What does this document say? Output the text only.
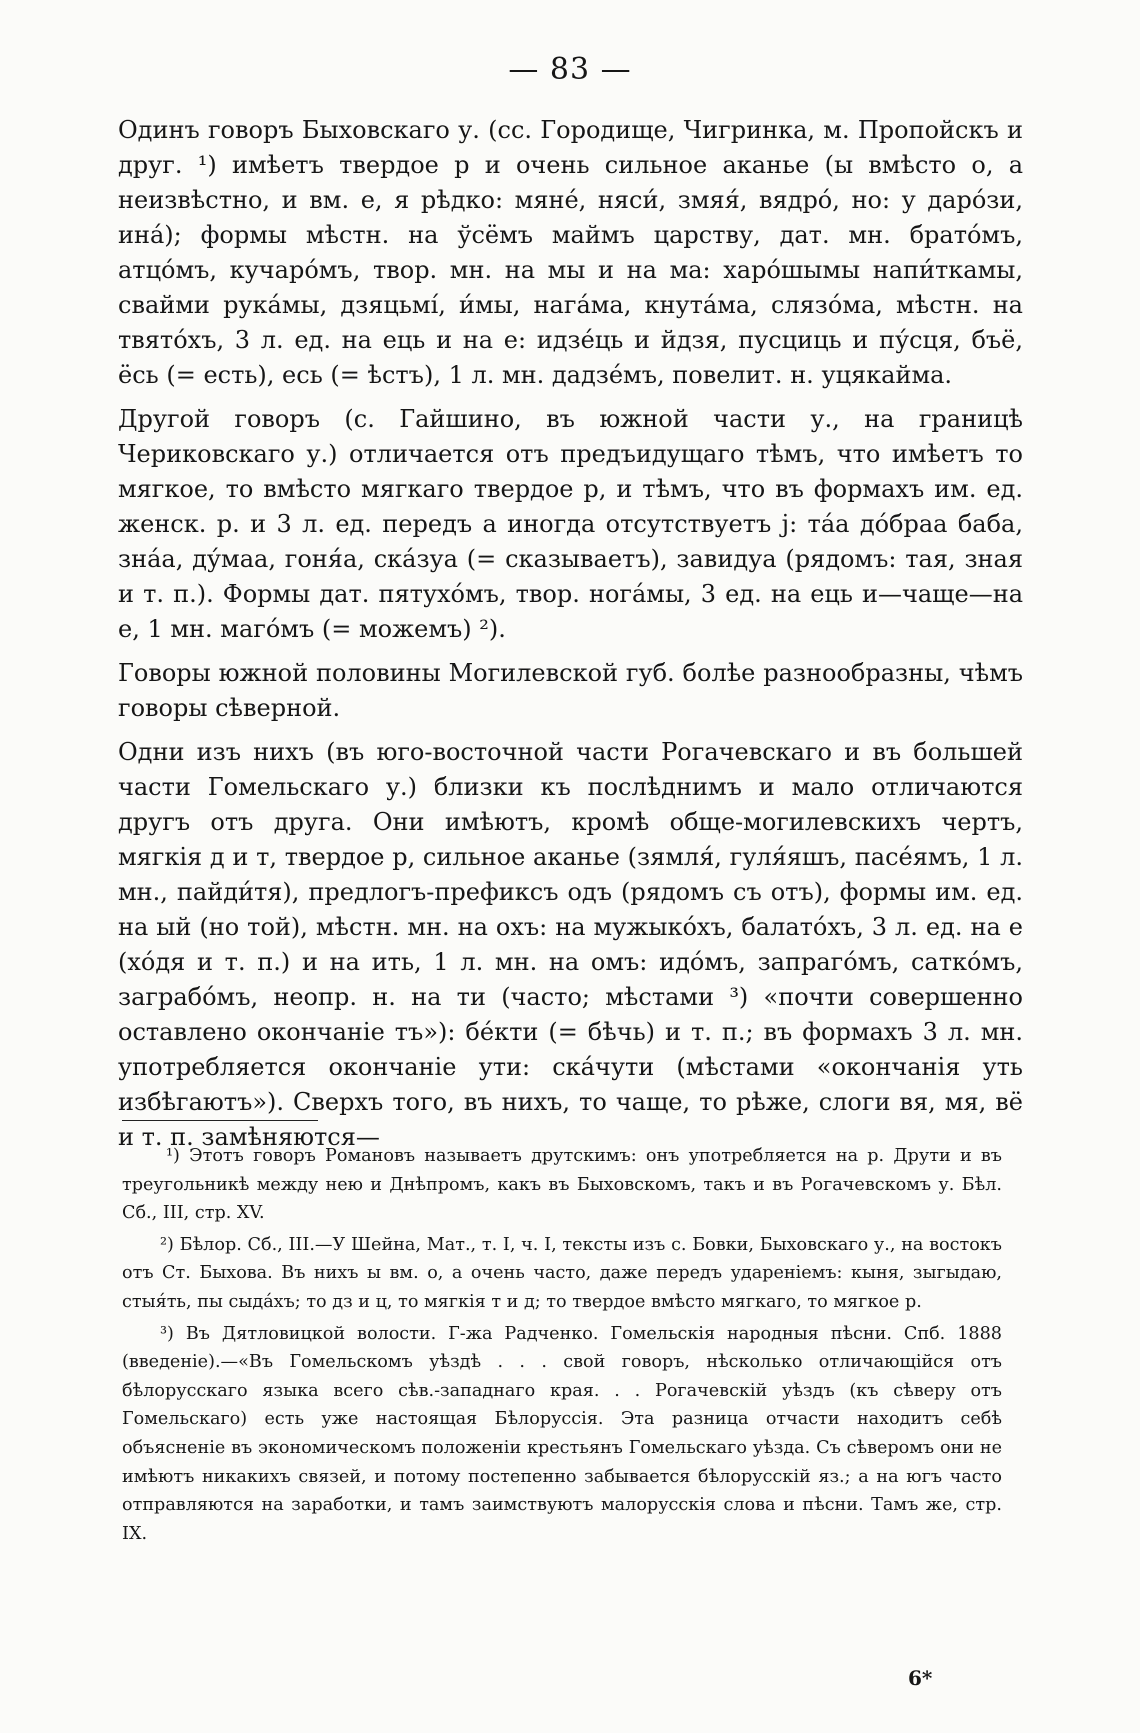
— 83 —

Одинъ говоръ Быховскаго у. (сс. Городище, Чигринка, м. Пропойскъ и друг. ¹) имѣетъ твердое р и очень сильное аканье (ы вмѣсто о, а неизвѣстно, и вм. е, я рѣдко: мяне́, няси́, змяя́, вядро́, но: у даро́зи, ина́); формы мѣстн. на ўсёмъ маймъ царству, дат. мн. брато́мъ, атцо́мъ, кучаро́мъ, твор. мн. на мы и на ма: харо́шымы напи́ткамы, свайми рука́мы, дзяцьмі́, и́мы, нага́ма, кнута́ма, слязо́ма, мѣстн. на твято́хъ, 3 л. ед. на ець и на е: идзе́ць и йдзя, пусциць и пу́сця, бъё, ёсь (= есть), есь (= ѣстъ), 1 л. мн. дадзе́мъ, повелит. н. уцякайма.

Другой говоръ (с. Гайшино, въ южной части у., на границѣ Чериковскаго у.) отличается отъ предъидущаго тѣмъ, что имѣетъ то мягкое, то вмѣсто мягкаго твердое р, и тѣмъ, что въ формахъ им. ед. женск. р. и 3 л. ед. передъ а иногда отсутствуетъ j: та́а до́браа баба, зна́а, ду́маа, гоня́а, ска́зуа (= сказываетъ), завидуа (рядомъ: тая, зная и т. п.). Формы дат. пятухо́мъ, твор. нога́мы, 3 ед. на ець и—чаще—на е, 1 мн. маго́мъ (= можемъ) ²).

Говоры южной половины Могилевской губ. болѣе разнообразны, чѣмъ говоры сѣверной.

Одни изъ нихъ (въ юго-восточной части Рогачевскаго и въ большей части Гомельскаго у.) близки къ послѣднимъ и мало отличаются другъ отъ друга. Они имѣютъ, кромѣ обще-могилевскихъ чертъ, мягкія д и т, твердое р, сильное аканье (зямля́, гуля́яшъ, пасе́ямъ, 1 л. мн., пайди́тя), предлогъ-префиксъ одъ (рядомъ съ отъ), формы им. ед. на ый (но той), мѣстн. мн. на охъ: на мужыко́хъ, балато́хъ, 3 л. ед. на е (хо́дя и т. п.) и на ить, 1 л. мн. на омъ: идо́мъ, запраго́мъ, сатко́мъ, заграбо́мъ, неопр. н. на ти (часто; мѣстами ³) «почти совершенно оставлено окончаніе тъ»): бе́кти (= бѣчь) и т. п.; въ формахъ 3 л. мн. употребляется окончаніе ути: ска́чути (мѣстами «окончанія уть избѣгаютъ»). Сверхъ того, въ нихъ, то чаще, то рѣже, слоги вя, мя, вё и т. п. замѣняются—

¹) Этотъ говоръ Романовъ называетъ друтскимъ: онъ употребляется на р. Друти и въ треугольникѣ между нею и Днѣпромъ, какъ въ Быховскомъ, такъ и въ Рогачевскомъ у. Бѣл. Сб., III, стр. XV.

²) Бѣлор. Сб., III.—У Шейна, Мат., т. I, ч. I, тексты изъ с. Бовки, Быховскаго у., на востокъ отъ Ст. Быхова. Въ нихъ ы вм. о, а очень часто, даже передъ удареніемъ: кыня, зыгыдаю, стыя́ть, пы сыда́хъ; то дз и ц, то мягкія т и д; то твердое вмѣсто мягкаго, то мягкое р.

³) Въ Дятловицкой волости. Г-жа Радченко. Гомельскія народныя пѣсни. Спб. 1888 (введеніе).—«Въ Гомельскомъ уѣздѣ . . . свой говоръ, нѣсколько отличающійся отъ бѣлорусскаго языка всего сѣв.-западнаго края. . . Рогачевскій уѣздъ (къ сѣверу отъ Гомельскаго) есть уже настоящая Бѣлоруссія. Эта разница отчасти находитъ себѣ объясненіе въ экономическомъ положеніи крестьянъ Гомельскаго уѣзда. Съ сѣверомъ они не имѣютъ никакихъ связей, и потому постепенно забывается бѣлорусскій яз.; а на югъ часто отправляются на заработки, и тамъ заимствуютъ малорусскія слова и пѣсни. Тамъ же, стр. IX.

6*
